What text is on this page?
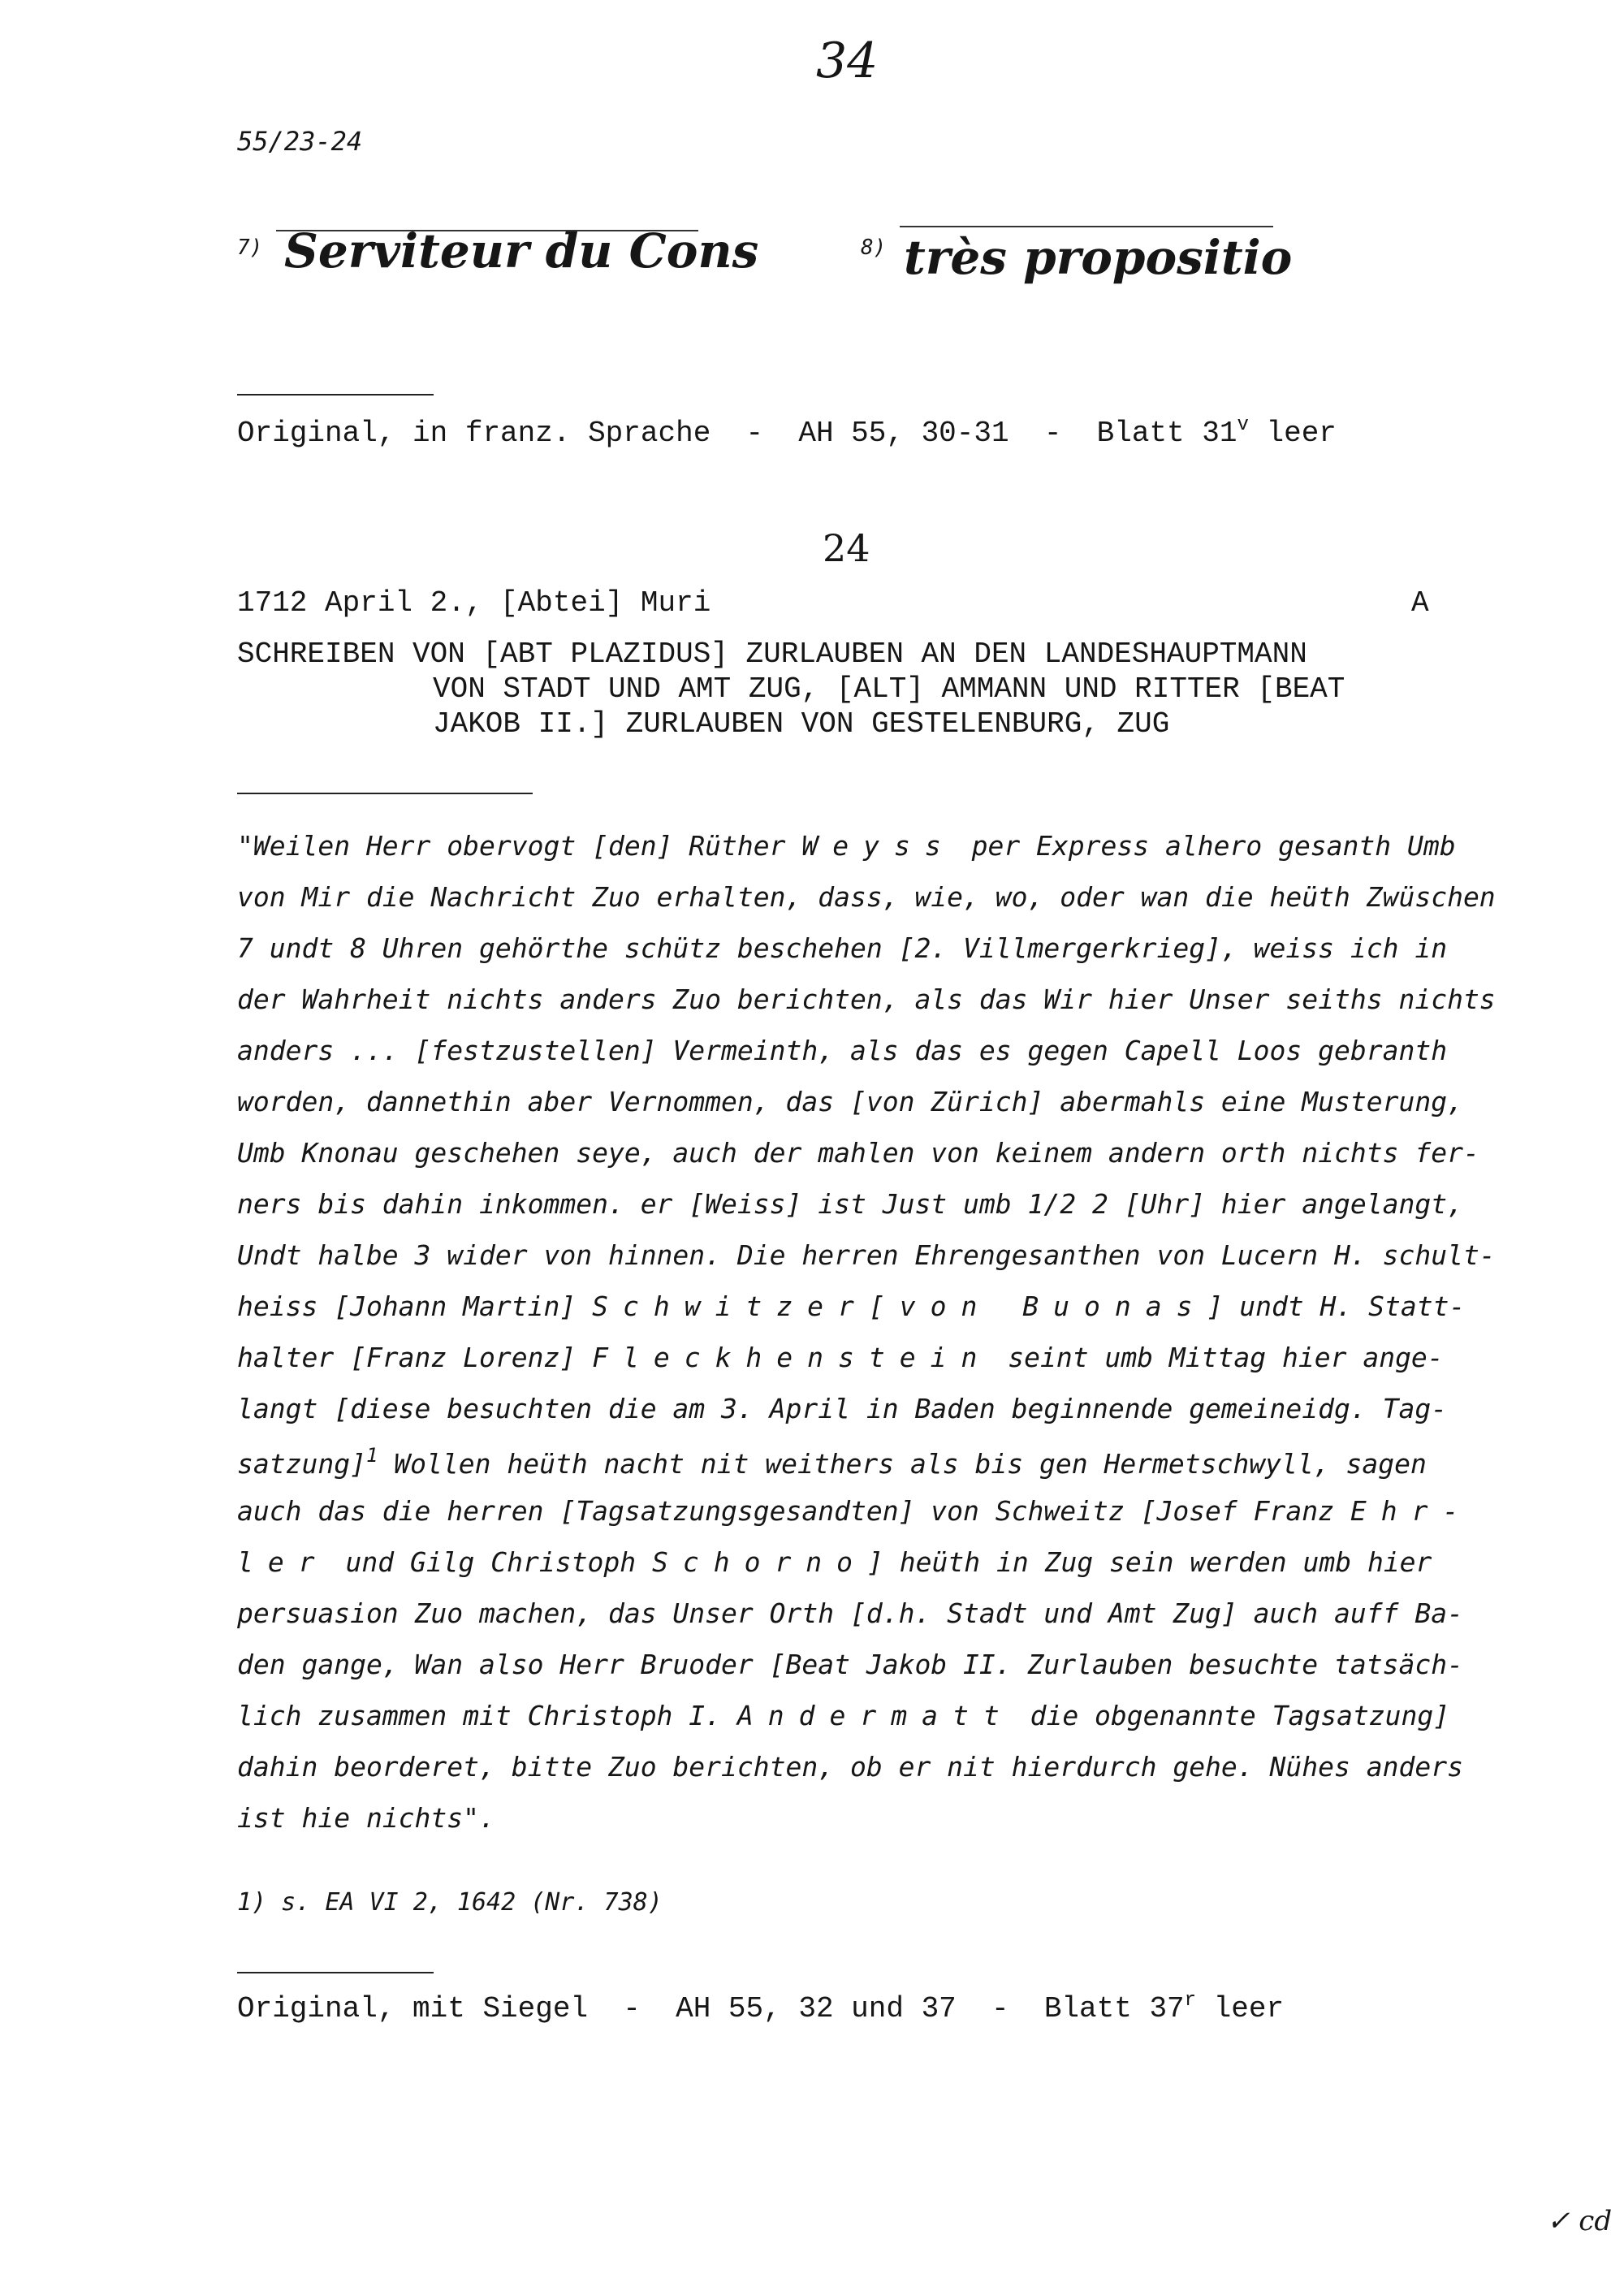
34
55/23-24
7) Serviteur du Cons	8) très propositio
Original, in franz. Sprache - AH 55, 30-31 - Blatt 31$^v$ leer
24
1712 April 2., [Abtei] Muri	A
SCHREIBEN VON [ABT PLAZIDUS] ZURLAUBEN AN DEN LANDESHAUPTMANN
VON STADT UND AMT ZUG, [ALT] AMMANN UND RITTER [BEAT
JAKOB II.] ZURLAUBEN VON GESTELENBURG, ZUG
"Weilen Herr obervogt [den] Rüther Weyss per Express alhero gesanth Umb
von Mir die Nachricht Zuo erhalten, dass, wie, wo, oder wan die heüth Zwüschen
7 undt 8 Uhren gehörthe schütz beschehen [2. Villmergerkrieg], weiss ich in
der Wahrheit nichts anders Zuo berichten, als das Wir hier Unser seiths nichts
anders ... [festzustellen] Vermeinth, als das es gegen Capell Loos gebranth
worden, dannethin aber Vernommen, das [von Zürich] abermahls eine Musterung,
Umb Knonau geschehen seye, auch der mahlen von keinem andern orth nichts fer-
ners bis dahin inkommen. er [Weiss] ist Just umb 1/2 2 [Uhr] hier angelangt,
Undt halbe 3 wider von hinnen. Die herren Ehrengesanthen von Lucern H. schult-
heiss [Johann Martin] Schwitzer[von Buonas] undt H. Statt-
halter [Franz Lorenz] Fleckhenstein seint umb Mittag hier ange-
langt [diese besuchten die am 3. April in Baden beginnende gemeineidg. Tag-
satzung]$^1$ Wollen heüth nacht nit weithers als bis gen Hermetschwyll, sagen
auch das die herren [Tagsatzungsgesandten] von Schweitz [Josef Franz Ehr-
ler und Gilg Christoph Schorno] heüth in Zug sein werden umb hier
persuasion Zuo machen, das Unser Orth [d.h. Stadt und Amt Zug] auch auff Ba-
den gange, Wan also Herr Bruoder [Beat Jakob II. Zurlauben besuchte tatsäch-
lich zusammen mit Christoph I. Andermatt die obgenannte Tagsatzung]
dahin beorderet, bitte Zuo berichten, ob er nit hierdurch gehe. Nühes anders
ist hie nichts".
1) s. EA VI 2, 1642 (Nr. 738)
Original, mit Siegel - AH 55, 32 und 37 - Blatt 37$^r$ leer
✓ cd
